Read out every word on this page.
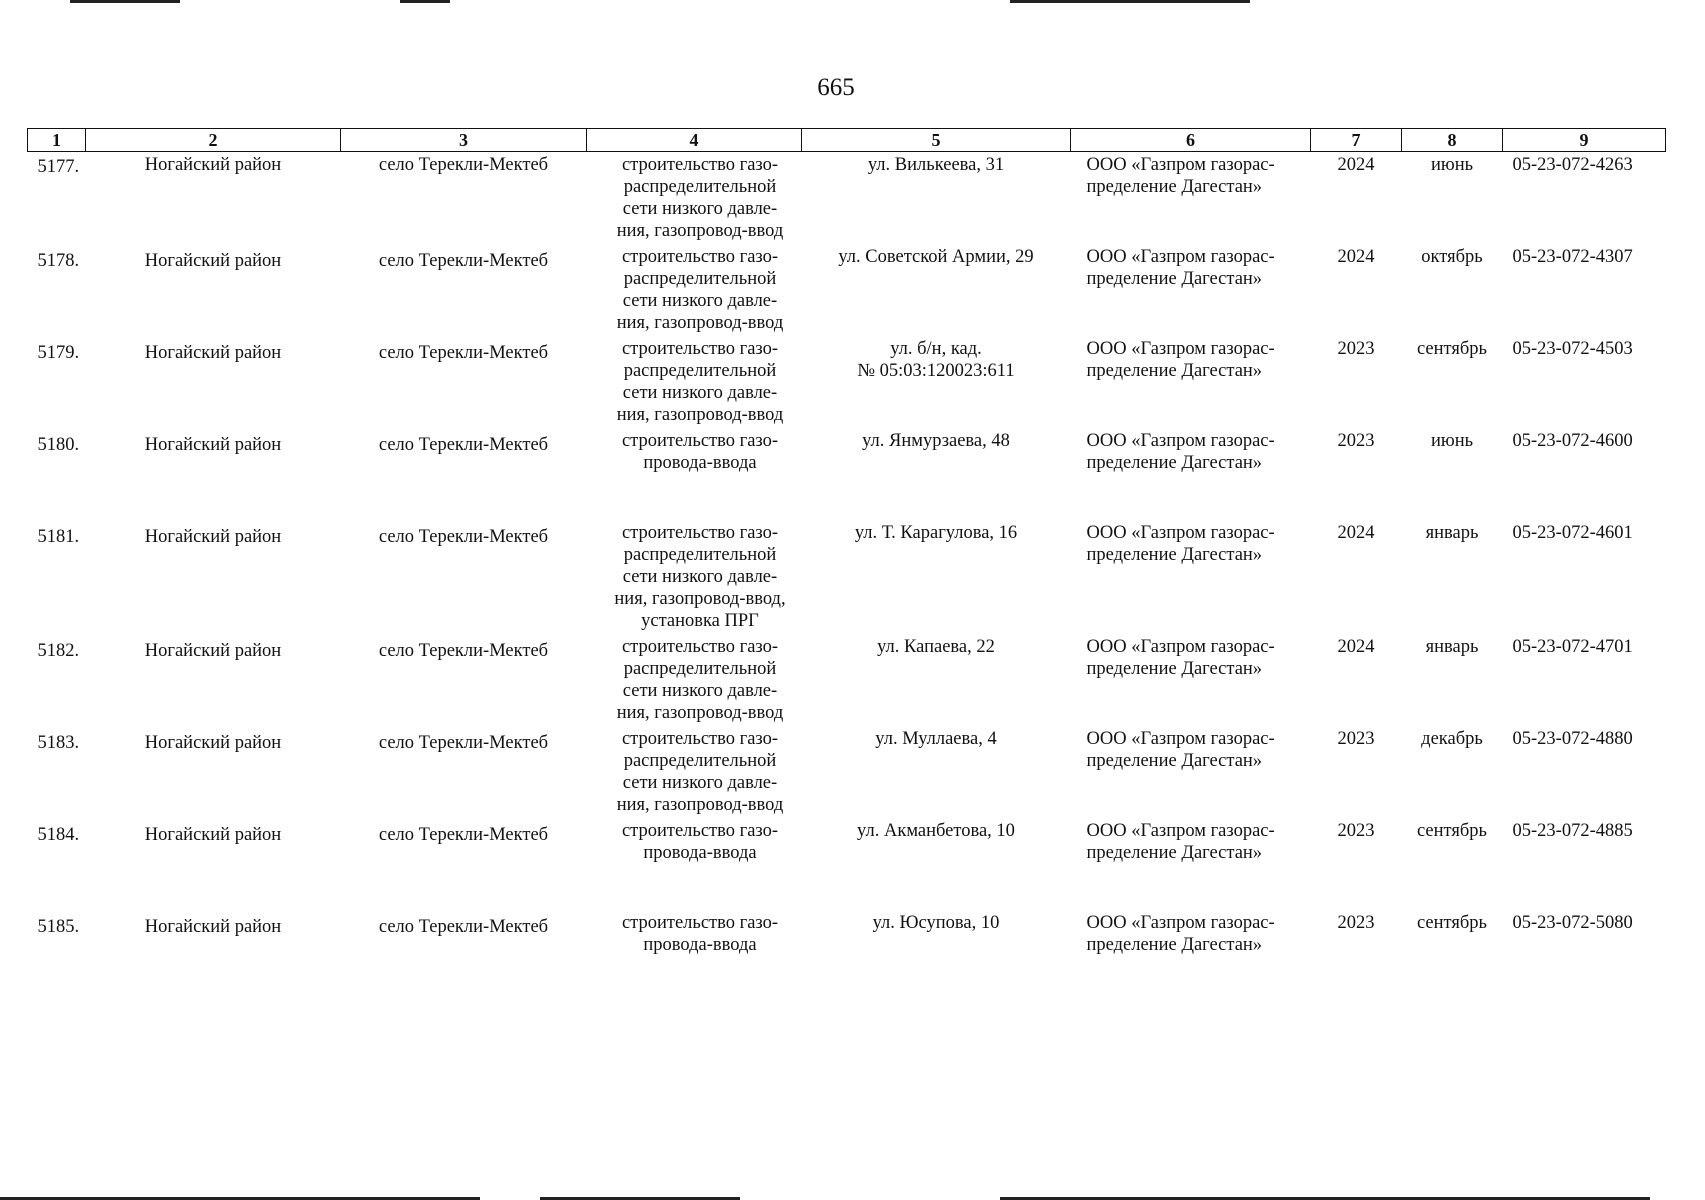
665
1	2	3	4	5	6	7	8	9
5177.	Ногайский район	село Терекли-Мектеб	строительство газо-
распределительной
сети низкого давле-
ния, газопровод-ввод	ул. Вилькеева, 31	ООО «Газпром газорас-
пределение Дагестан»	2024	июнь	05-23-072-4263
5178.	Ногайский район	село Терекли-Мектеб	строительство газо-
распределительной
сети низкого давле-
ния, газопровод-ввод	ул. Советской Армии, 29	ООО «Газпром газорас-
пределение Дагестан»	2024	октябрь	05-23-072-4307
5179.	Ногайский район	село Терекли-Мектеб	строительство газо-
распределительной
сети низкого давле-
ния, газопровод-ввод	ул. б/н, кад.
№ 05:03:120023:611	ООО «Газпром газорас-
пределение Дагестан»	2023	сентябрь	05-23-072-4503
5180.	Ногайский район	село Терекли-Мектеб	строительство газо-
провода-ввода	ул. Янмурзаева, 48	ООО «Газпром газорас-
пределение Дагестан»	2023	июнь	05-23-072-4600
5181.	Ногайский район	село Терекли-Мектеб	строительство газо-
распределительной
сети низкого давле-
ния, газопровод-ввод,
установка ПРГ	ул. Т. Карагулова, 16	ООО «Газпром газорас-
пределение Дагестан»	2024	январь	05-23-072-4601
5182.	Ногайский район	село Терекли-Мектеб	строительство газо-
распределительной
сети низкого давле-
ния, газопровод-ввод	ул. Капаева, 22	ООО «Газпром газорас-
пределение Дагестан»	2024	январь	05-23-072-4701
5183.	Ногайский район	село Терекли-Мектеб	строительство газо-
распределительной
сети низкого давле-
ния, газопровод-ввод	ул. Муллаева, 4	ООО «Газпром газорас-
пределение Дагестан»	2023	декабрь	05-23-072-4880
5184.	Ногайский район	село Терекли-Мектеб	строительство газо-
провода-ввода	ул. Акманбетова, 10	ООО «Газпром газорас-
пределение Дагестан»	2023	сентябрь	05-23-072-4885
5185.	Ногайский район	село Терекли-Мектеб	строительство газо-
провода-ввода	ул. Юсупова, 10	ООО «Газпром газорас-
пределение Дагестан»	2023	сентябрь	05-23-072-5080
